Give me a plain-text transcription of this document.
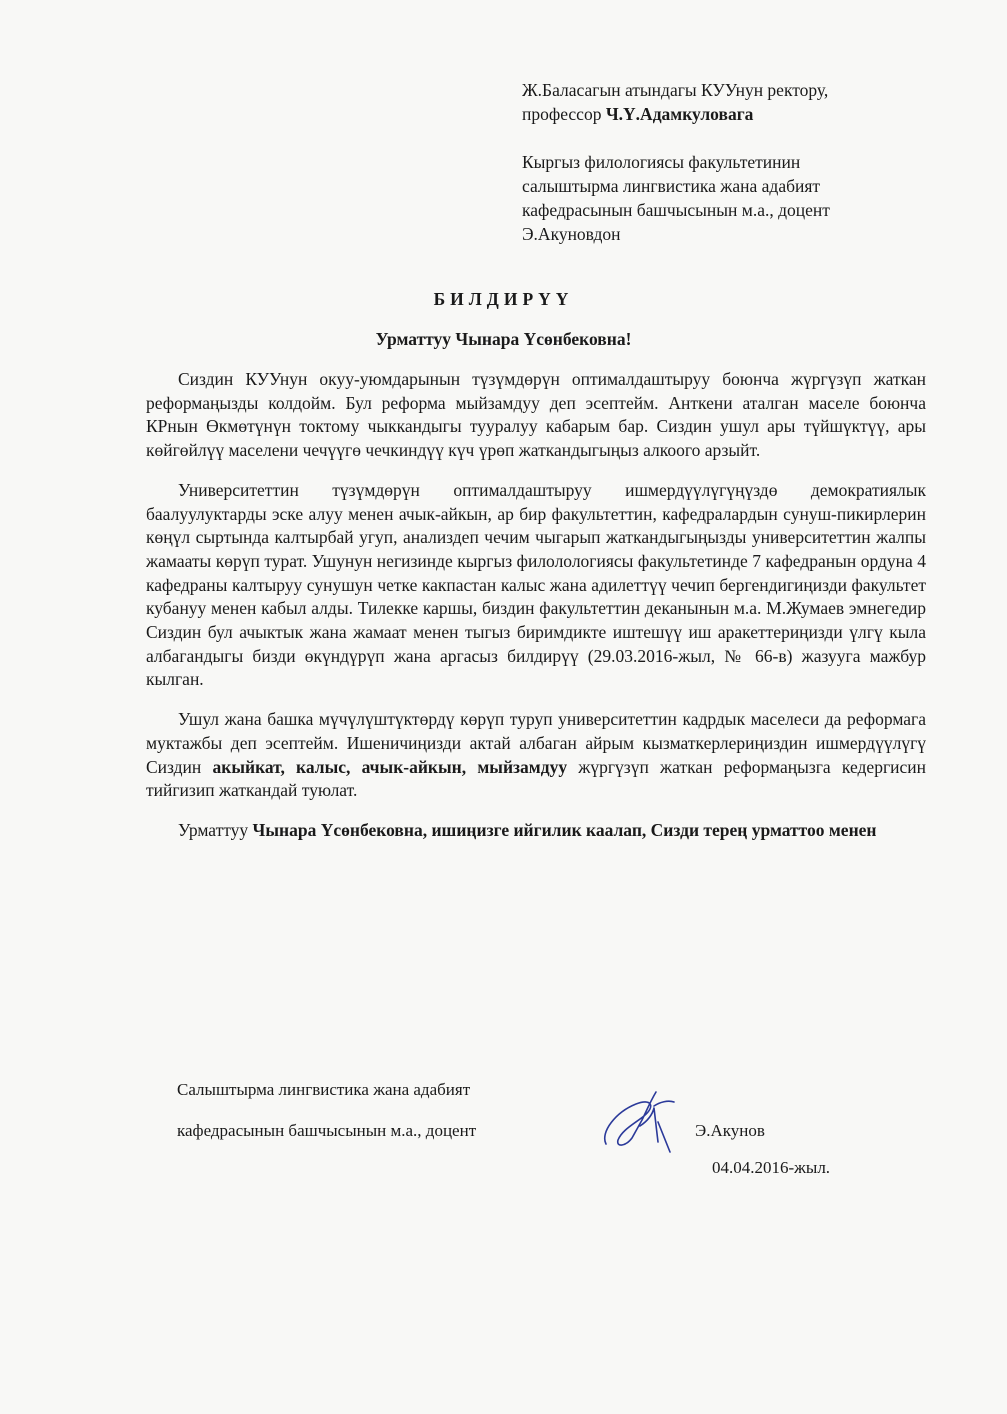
Ж.Баласагын атындагы КУУнун ректору,
профессор Ч.Ү.Адамкуловага
Кыргыз филологиясы факультетинин
салыштырма лингвистика жана адабият
кафедрасынын башчысынын м.а., доцент
Э.Акуновдон
БИЛДИРҮҮ
Урматтуу Чынара Үсөнбековна!

Сиздин КУУнун окуу-уюмдарынын түзүмдөрүн оптималдаштыруу боюнча жүргүзүп жаткан реформаңызды колдойм. Бул реформа мыйзамдуу деп эсептейм. Анткени аталган маселе боюнча КРнын Өкмөтүнүн токтому чыккандыгы тууралуу кабарым бар. Сиздин ушул ары түйшүктүү, ары көйгөйлүү маселени чечүүгө чечкиндүү күч үрөп жаткандыгыңыз алкоого арзыйт.

Университеттин түзүмдөрүн оптималдаштыруу ишмердүүлүгүңүздө демократиялык баалуулуктарды эске алуу менен ачык-айкын, ар бир факультеттин, кафедралардын сунуш-пикирлерин көңүл сыртында калтырбай угуп, анализдеп чечим чыгарып жаткандыгыңызды университеттин жалпы жамааты көрүп турат. Ушунун негизинде кыргыз филолологиясы факультетинде 7 кафедранын ордуна 4 кафедраны калтыруу сунушун четке какпастан калыс жана адилеттүү чечип бергендигиңизди факультет кубануу менен кабыл алды. Тилекке каршы, биздин факультеттин деканынын м.а. М.Жумаев эмнегедир Сиздин бул ачыктык жана жамаат менен тыгыз биримдикте иштешүү иш аракеттериңизди үлгү кыла албагандыгы бизди өкүндүрүп жана аргасыз билдирүү (29.03.2016-жыл, № 66-в) жазууга мажбур кылган.

Ушул жана башка мүчүлүштүктөрдү көрүп туруп университеттин кадрдык маселеси да реформага муктажбы деп эсептейм. Ишеничиңизди актай албаган айрым кызматкерлериңиздин ишмердүүлүгү Сиздин акыйкат, калыс, ачык-айкын, мыйзамдуу жүргүзүп жаткан реформаңызга кедергисин тийгизип жаткандай туюлат.

Урматтуу Чынара Үсөнбековна, ишиңизге ийгилик каалап, Сизди терең урматтоо менен

Салыштырма лингвистика жана адабият
кафедрасынын башчысынын м.а., доцент	Э.Акунов
04.04.2016-жыл.
